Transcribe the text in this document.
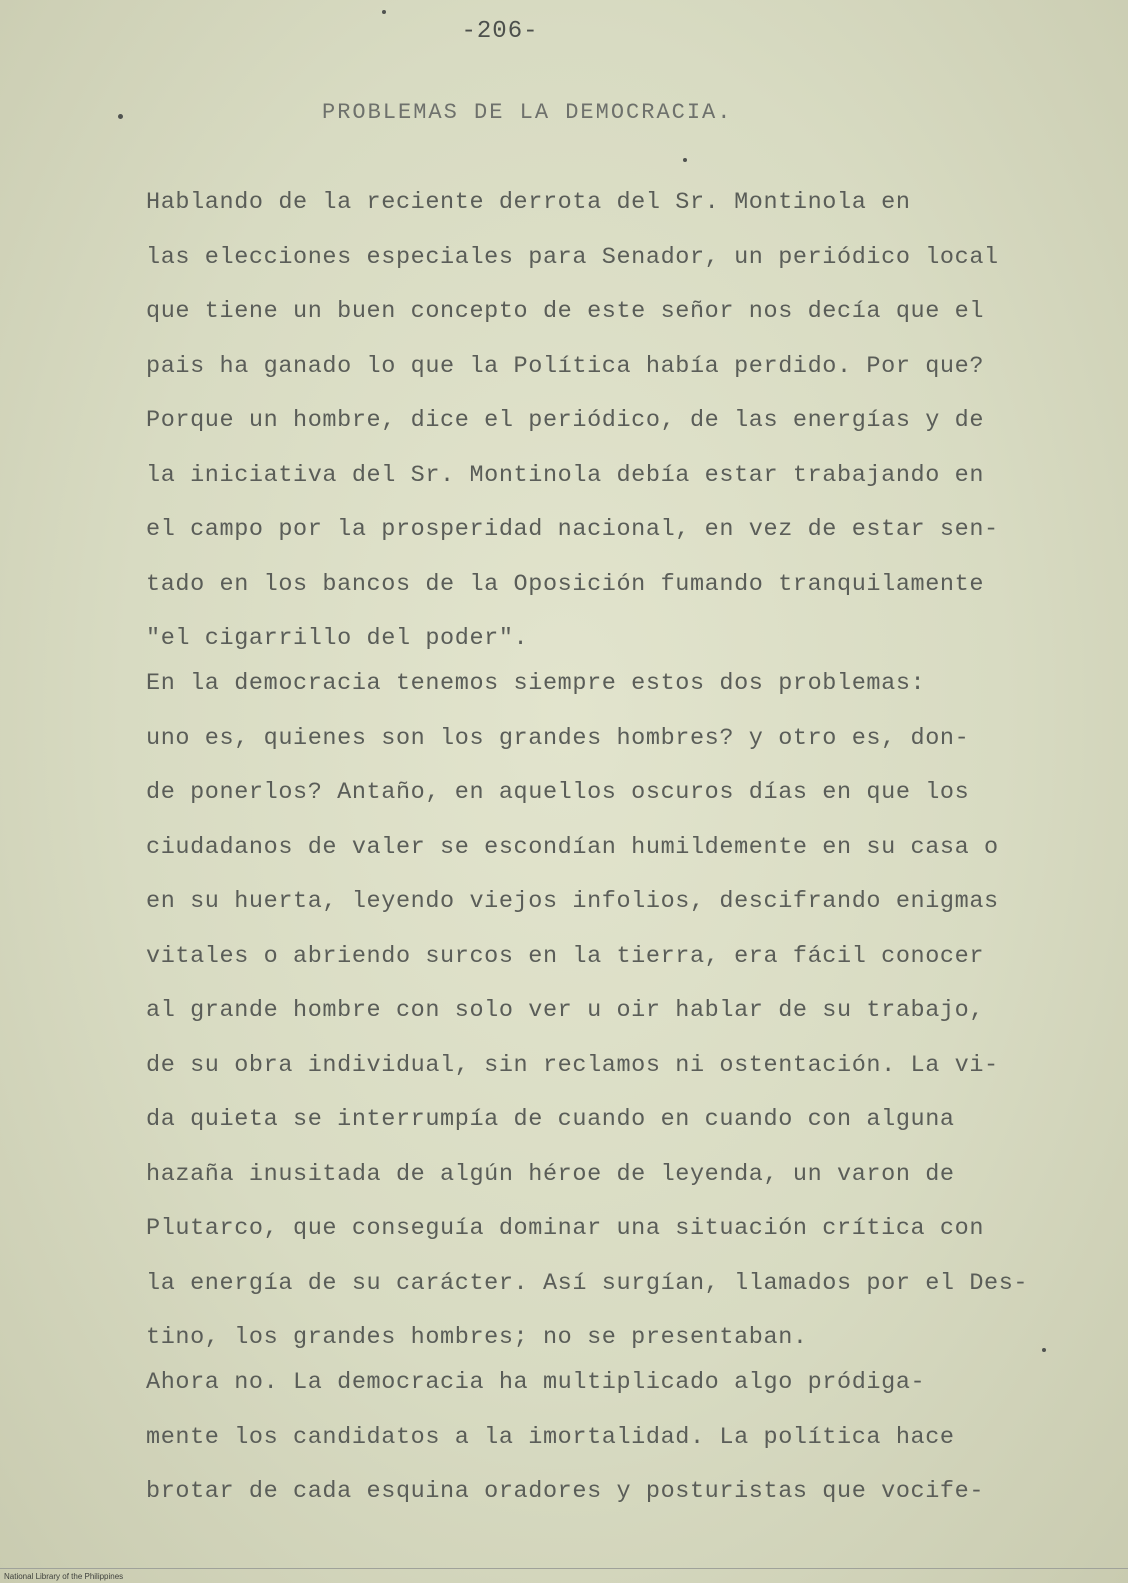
-206-
PROBLEMAS DE LA DEMOCRACIA.

Hablando de la reciente derrota del Sr. Montinola en
las elecciones especiales para Senador, un periódico local
que tiene un buen concepto de este señor nos decía que el
pais ha ganado lo que la Política había perdido. Por que?
Porque un hombre, dice el periódico, de las energías y de
la iniciativa del Sr. Montinola debía estar trabajando en
el campo por la prosperidad nacional, en vez de estar sen-
tado en los bancos de la Oposición fumando tranquilamente
"el cigarrillo del poder".

En la democracia tenemos siempre estos dos problemas:
uno es, quienes son los grandes hombres? y otro es, don-
de ponerlos? Antaño, en aquellos oscuros días en que los
ciudadanos de valer se escondían humildemente en su casa o
en su huerta, leyendo viejos infolios, descifrando enigmas
vitales o abriendo surcos en la tierra, era fácil conocer
al grande hombre con solo ver u oir hablar de su trabajo,
de su obra individual, sin reclamos ni ostentación. La vi-
da quieta se interrumpía de cuando en cuando con alguna
hazaña inusitada de algún héroe de leyenda, un varon de
Plutarco, que conseguía dominar una situación crítica con
la energía de su carácter. Así surgían, llamados por el Des-
tino, los grandes hombres; no se presentaban.

Ahora no. La democracia ha multiplicado algo pródiga-
mente los candidatos a la imortalidad. La política hace
brotar de cada esquina oradores y posturistas que vocife-

National Library of the Philippines
